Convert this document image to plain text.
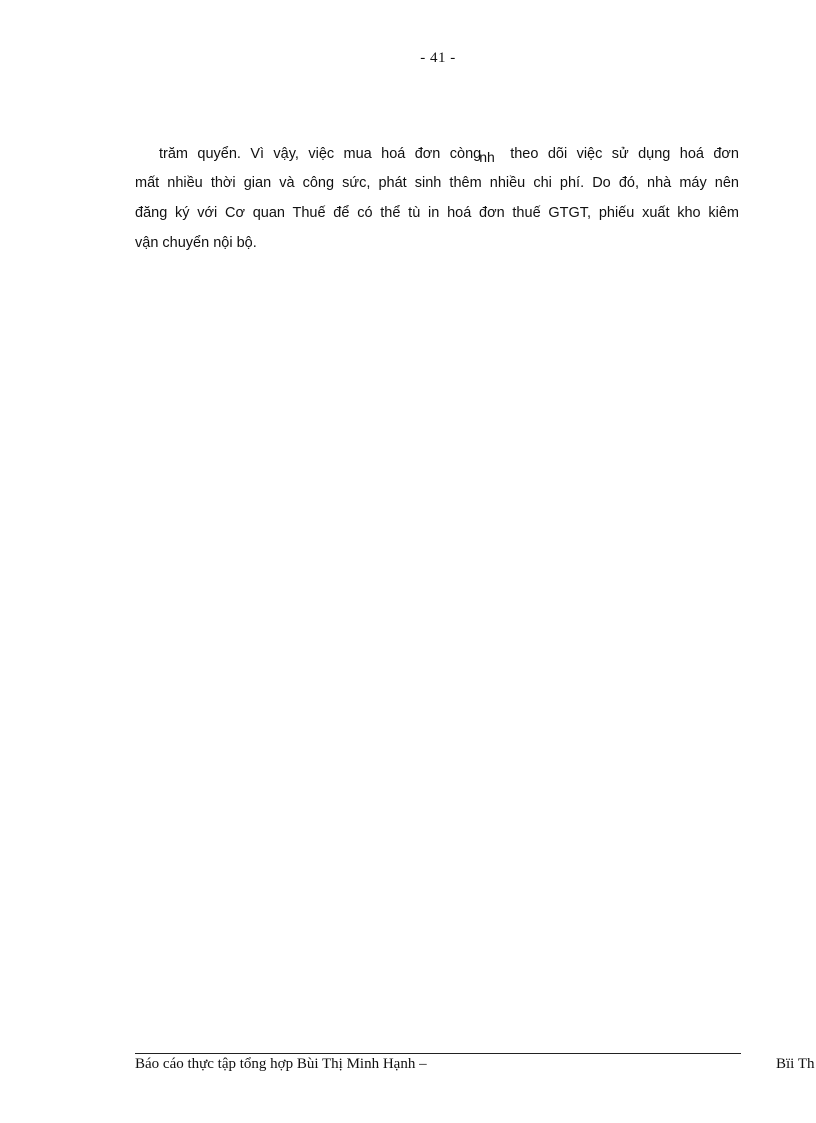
- 41 -
trăm quyển. Vì vậy, việc mua hoá đơn còngnh theo dõi việc sử dụng hoá đơn
mất nhiều thời gian và công sức, phát sinh thêm nhiều chi phí. Do đó, nhà máy nên
đăng ký với Cơ quan Thuế để có thể tù in hoá đơn thuế GTGT, phiếu xuất kho kiêm
vận chuyển nội bộ.
Báo cáo thực tập tổng hợp Bùi Thị Minh Hạnh –	Bïi Th
